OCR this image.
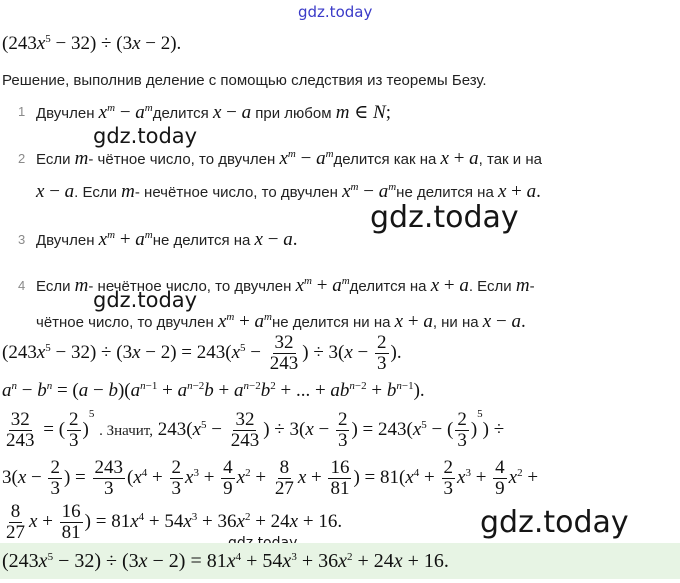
gdz.today
gdz.today
gdz.today
gdz.today
gdz.today
$(243x^5 - 32) \div (3x - 2)$.
Решение, выполнив деление с помощью следствия из теоремы Безу.
1 Двучлен $x^m$ − $a^mделится$ x − a при любом m ∈ N;
2 Если m- чётное число, то двучлен $x^m$ − $a^mделится$ как на x + a, так и на
x − a. Если m- нечётное число, то двучлен $x^m - a^mне$ делится на x + a.
3 Двучлен $x^m + a^mне$ делится на x − a.
4 Если m- нечётное число, то двучлен $x^m$ + $a^mделится$ на x + a. Если m-
чётное число, то двучлен $x^m + a^mне$ делится ни на x + a, ни на x − a.
$(243x^5 - 32) \div (3x - 2) = 243(x^5 - \frac{32}{243}$ ) ÷ $3(x - \frac{2}{3}$ ).
$a^n - b^n = (a - b)(a^{n-1} + a^{n-2}b + a^{n-2}b^2$ + ... + $ab^{n-2} + b^{n-1}$).
$\frac{32}{243}$ = ( $\frac{2}{3} )^5$ . Значит, $243(x^5 - \frac{32}{243}$ ) ÷ $3(x - \frac{2}{3}$ ) = $243(x^5$ − ( $\frac{2}{3} )^5$) ÷
$3(x - \frac{2}{3}$ ) = $\frac{243}{3} (x^4 + \frac{2}{3} x^3 + \frac{4}{9} x^2 + \frac{8}{27}$ $x + \frac{16}{81}$ ) = $81(x^4 + \frac{2}{3} x^3 + \frac{4}{9} x^2$ +
$\frac{8}{27}$ $x + \frac{16}{81}$ ) = $81x^4 + 54x^3 + 36x^2 + 24x + 16$.
$(243x^5 - 32) \div (3x - 2) = 81x^4 + 54x^3 + 36x^2 + 24x + 16$.
